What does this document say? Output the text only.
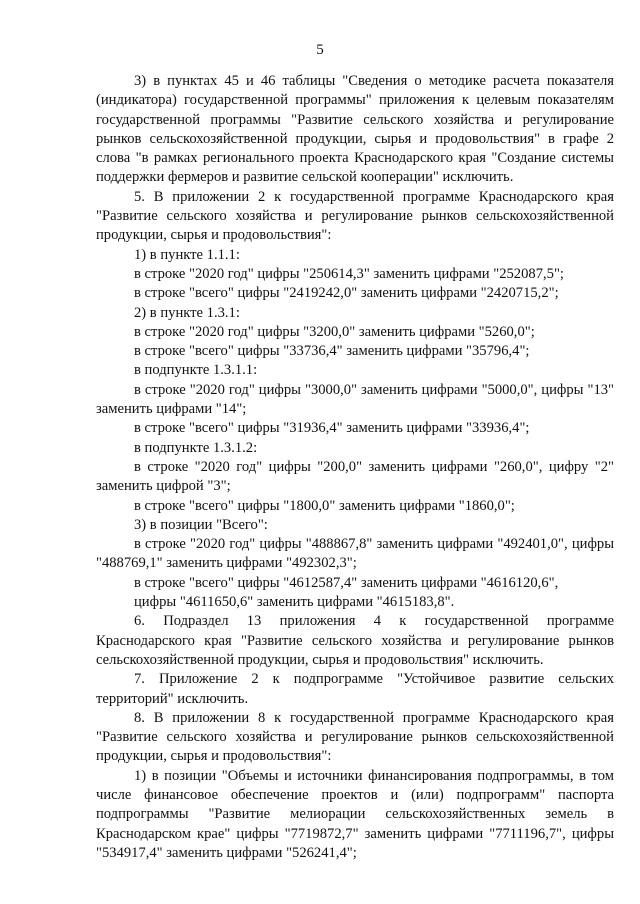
5

3) в пунктах 45 и 46 таблицы "Сведения о методике расчета показателя (индикатора) государственной программы" приложения к целевым показателям государственной программы "Развитие сельского хозяйства и регулирование рынков сельскохозяйственной продукции, сырья и продовольствия" в графе 2 слова "в рамках регионального проекта Краснодарского края "Создание системы поддержки фермеров и развитие сельской кооперации" исключить.

5. В приложении 2 к государственной программе Краснодарского края "Развитие сельского хозяйства и регулирование рынков сельскохозяйственной продукции, сырья и продовольствия":

1) в пункте 1.1.1:

в строке "2020 год" цифры "250614,3" заменить цифрами "252087,5";

в строке "всего" цифры "2419242,0" заменить цифрами "2420715,2";

2) в пункте 1.3.1:

в строке "2020 год" цифры "3200,0" заменить цифрами "5260,0";

в строке "всего" цифры "33736,4" заменить цифрами "35796,4";

в подпункте 1.3.1.1:

в строке "2020 год" цифры "3000,0" заменить цифрами "5000,0", цифры "13" заменить цифрами "14";

в строке "всего" цифры "31936,4" заменить цифрами "33936,4";

в подпункте 1.3.1.2:

в строке "2020 год" цифры "200,0" заменить цифрами "260,0", цифру "2" заменить цифрой "3";

в строке "всего" цифры "1800,0" заменить цифрами "1860,0";

3) в позиции "Всего":

в строке "2020 год" цифры "488867,8" заменить цифрами "492401,0", цифры "488769,1" заменить цифрами "492302,3";

в строке "всего" цифры "4612587,4" заменить цифрами "4616120,6",

цифры "4611650,6" заменить цифрами "4615183,8".

6. Подраздел 13 приложения 4 к государственной программе Краснодарского края "Развитие сельского хозяйства и регулирование рынков сельскохозяйственной продукции, сырья и продовольствия" исключить.

7. Приложение 2 к подпрограмме "Устойчивое развитие сельских территорий" исключить.

8. В приложении 8 к государственной программе Краснодарского края "Развитие сельского хозяйства и регулирование рынков сельскохозяйственной продукции, сырья и продовольствия":

1) в позиции "Объемы и источники финансирования подпрограммы, в том числе финансовое обеспечение проектов и (или) подпрограмм" паспорта подпрограммы "Развитие мелиорации сельскохозяйственных земель в Краснодарском крае" цифры "7719872,7" заменить цифрами "7711196,7", цифры "534917,4" заменить цифрами "526241,4";
